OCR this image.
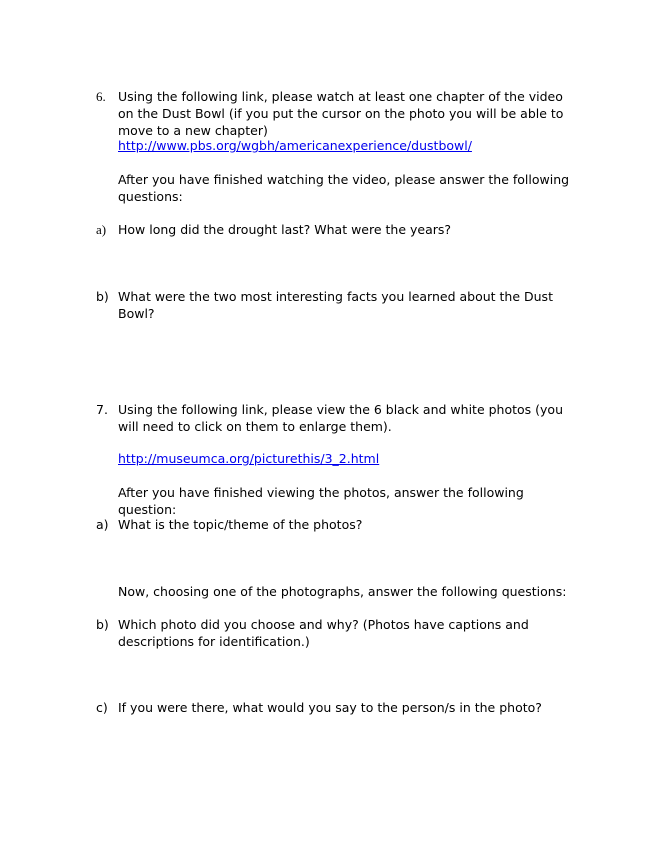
6. Using the following link, please watch at least one chapter of the video on the Dust Bowl (if you put the cursor on the photo you will be able to move to a new chapter)

http://www.pbs.org/wgbh/americanexperience/dustbowl/

After you have finished watching the video, please answer the following questions:

a) How long did the drought last? What were the years?

b) What were the two most interesting facts you learned about the Dust Bowl?

7. Using the following link, please view the 6 black and white photos (you will need to click on them to enlarge them).

http://museumca.org/picturethis/3_2.html

After you have finished viewing the photos, answer the following question:

a) What is the topic/theme of the photos?

Now, choosing one of the photographs, answer the following questions:

b) Which photo did you choose and why? (Photos have captions and descriptions for identification.)

c) If you were there, what would you say to the person/s in the photo?
